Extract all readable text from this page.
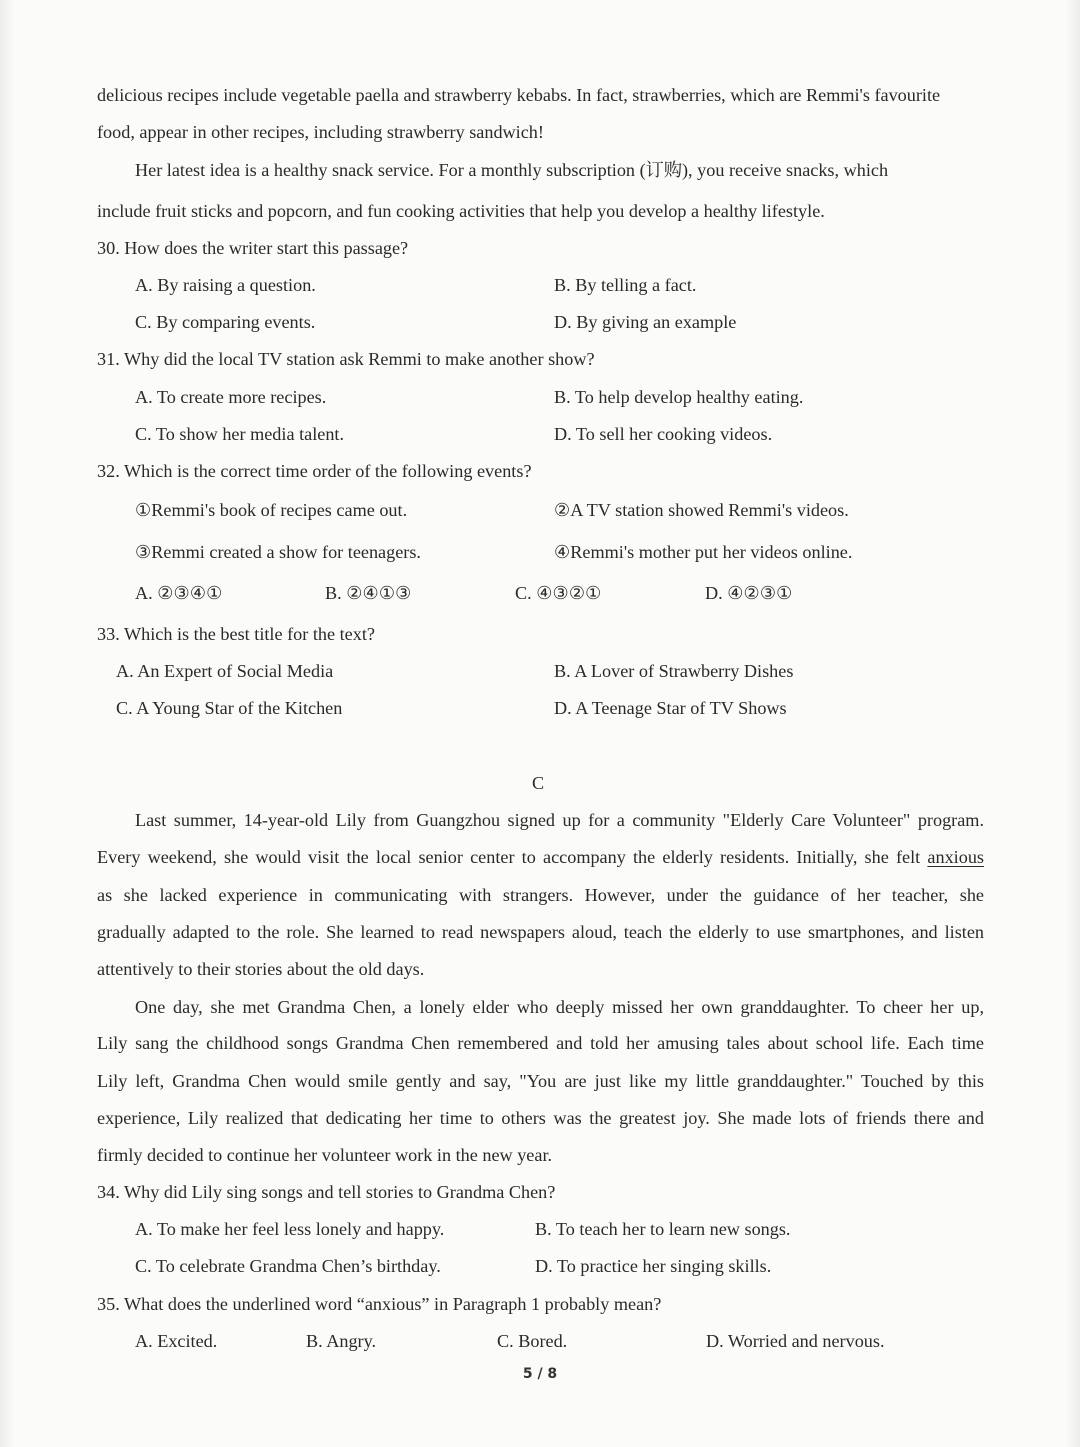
delicious recipes include vegetable paella and strawberry kebabs. In fact, strawberries, which are Remmi's favourite
food, appear in other recipes, including strawberry sandwich!
Her latest idea is a healthy snack service. For a monthly subscription (订购), you receive snacks, which
include fruit sticks and popcorn, and fun cooking activities that help you develop a healthy lifestyle.
30. How does the writer start this passage?
A. By raising a question.	B. By telling a fact.
C. By comparing events.	D. By giving an example
31. Why did the local TV station ask Remmi to make another show?
A. To create more recipes.	B. To help develop healthy eating.
C. To show her media talent.	D. To sell her cooking videos.
32. Which is the correct time order of the following events?
①Remmi's book of recipes came out.	②A TV station showed Remmi's videos.
③Remmi created a show for teenagers.	④Remmi's mother put her videos online.
A. ②③④①	B. ②④①③	C. ④③②①	D. ④②③①
33. Which is the best title for the text?
A. An Expert of Social Media	B. A Lover of Strawberry Dishes
C. A Young Star of the Kitchen	D. A Teenage Star of TV Shows
C
Last summer, 14-year-old Lily from Guangzhou signed up for a community "Elderly Care Volunteer" program.
Every weekend, she would visit the local senior center to accompany the elderly residents. Initially, she felt anxious
as she lacked experience in communicating with strangers. However, under the guidance of her teacher, she
gradually adapted to the role. She learned to read newspapers aloud, teach the elderly to use smartphones, and listen
attentively to their stories about the old days.
One day, she met Grandma Chen, a lonely elder who deeply missed her own granddaughter. To cheer her up,
Lily sang the childhood songs Grandma Chen remembered and told her amusing tales about school life. Each time
Lily left, Grandma Chen would smile gently and say, "You are just like my little granddaughter." Touched by this
experience, Lily realized that dedicating her time to others was the greatest joy. She made lots of friends there and
firmly decided to continue her volunteer work in the new year.
34. Why did Lily sing songs and tell stories to Grandma Chen?
A. To make her feel less lonely and happy.	B. To teach her to learn new songs.
C. To celebrate Grandma Chen’s birthday.	D. To practice her singing skills.
35. What does the underlined word “anxious” in Paragraph 1 probably mean?
A. Excited.	B. Angry.	C. Bored.	D. Worried and nervous.
5 / 8
